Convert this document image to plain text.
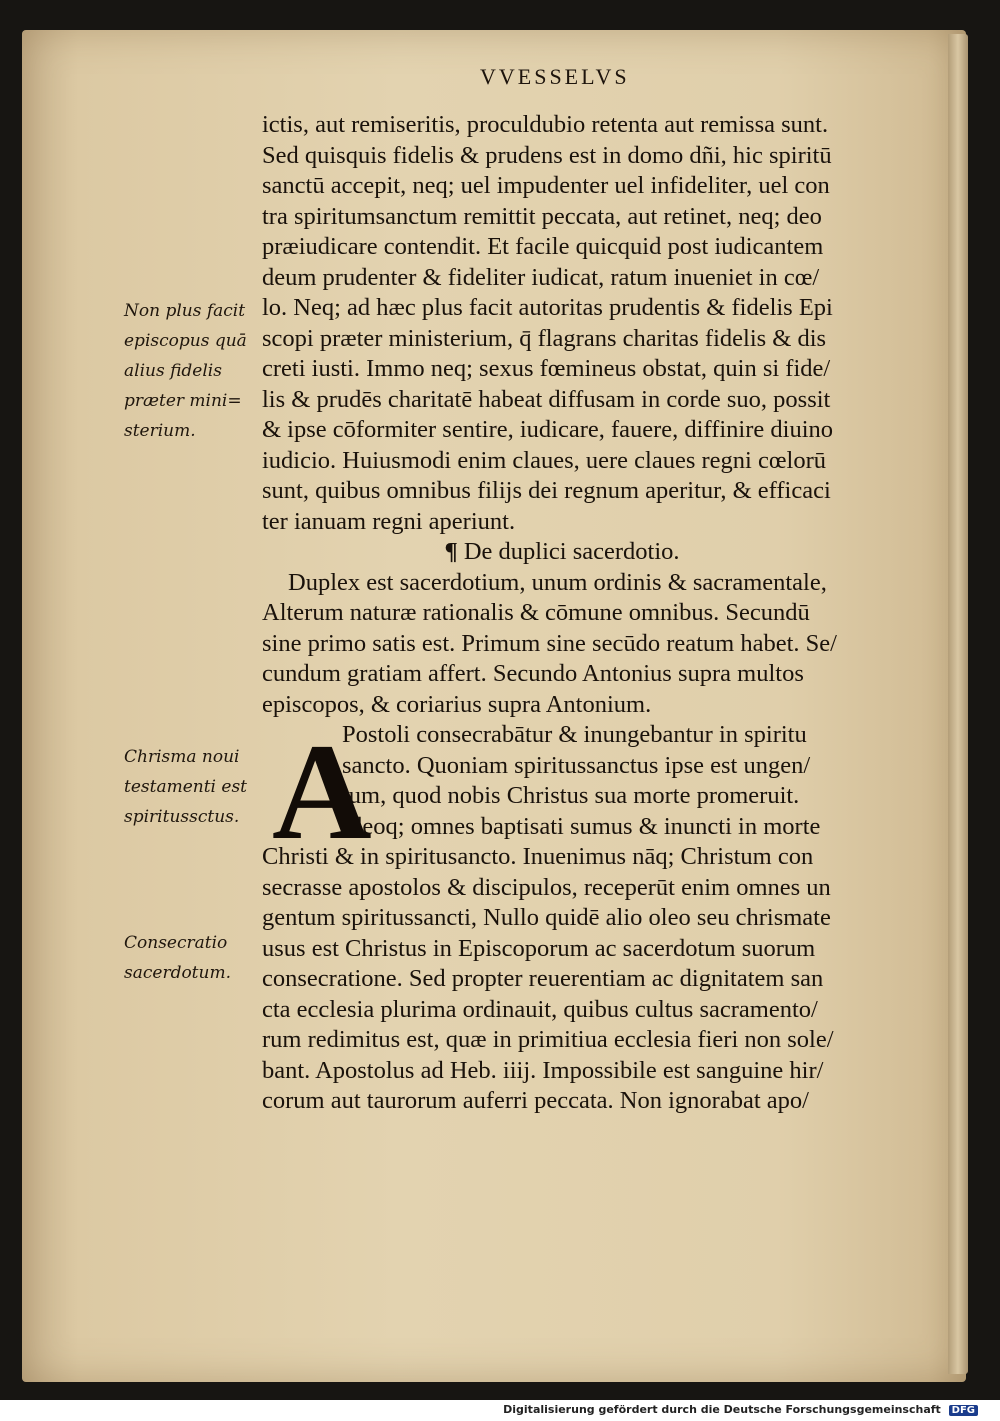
VVESSELVS
Non plus facit
episcopus quā
alius fidelis
præter mini=
sterium.
Chrisma noui
testamenti est
spiritussctus.
Consecratio
sacerdotum.
ictis, aut remiseritis, proculdubio retenta aut remissa sunt.
Sed quisquis fidelis & prudens est in domo dñi, hic spiritū
sanctū accepit, neq; uel impudenter uel infideliter, uel con
tra spiritumsanctum remittit peccata, aut retinet, neq; deo
præiudicare contendit. Et facile quicquid post iudicantem
deum prudenter & fideliter iudicat, ratum inueniet in cœ/
lo. Neq; ad hæc plus facit autoritas prudentis & fidelis Epi
scopi præter ministerium, q̄ flagrans charitas fidelis & dis
creti iusti. Immo neq; sexus fœmineus obstat, quin si fide/
lis & prudēs charitatē habeat diffusam in corde suo, possit
& ipse cōformiter sentire, iudicare, fauere, diffinire diuino
iudicio. Huiusmodi enim claues, uere claues regni cœlorū
sunt, quibus omnibus filijs dei regnum aperitur, & efficaci
ter ianuam regni aperiunt.
¶ De duplici sacerdotio.
Duplex est sacerdotium, unum ordinis & sacramentale,
Alterum naturæ rationalis & cōmune omnibus. Secundū
sine primo satis est. Primum sine secūdo reatum habet. Se/
cundum gratiam affert. Secundo Antonius supra multos
episcopos, & coriarius supra Antonium.
Postoli consecrabātur & inungebantur in spiritu
sancto. Quoniam spiritussanctus ipse est ungen/
tum, quod nobis Christus sua morte promeruit.
Ideoq; omnes baptisati sumus & inuncti in morte
Christi & in spiritusancto. Inuenimus nāq; Christum con
secrasse apostolos & discipulos, receperūt enim omnes un
gentum spiritussancti, Nullo quidē alio oleo seu chrismate
usus est Christus in Episcoporum ac sacerdotum suorum
consecratione. Sed propter reuerentiam ac dignitatem san
cta ecclesia plurima ordinauit, quibus cultus sacramento/
rum redimitus est, quæ in primitiua ecclesia fieri non sole/
bant. Apostolus ad Heb. iiij. Impossibile est sanguine hir/
corum aut taurorum auferri peccata. Non ignorabat apo/
A
Digitalisierung gefördert durch die Deutsche Forschungsgemeinschaft DFG
